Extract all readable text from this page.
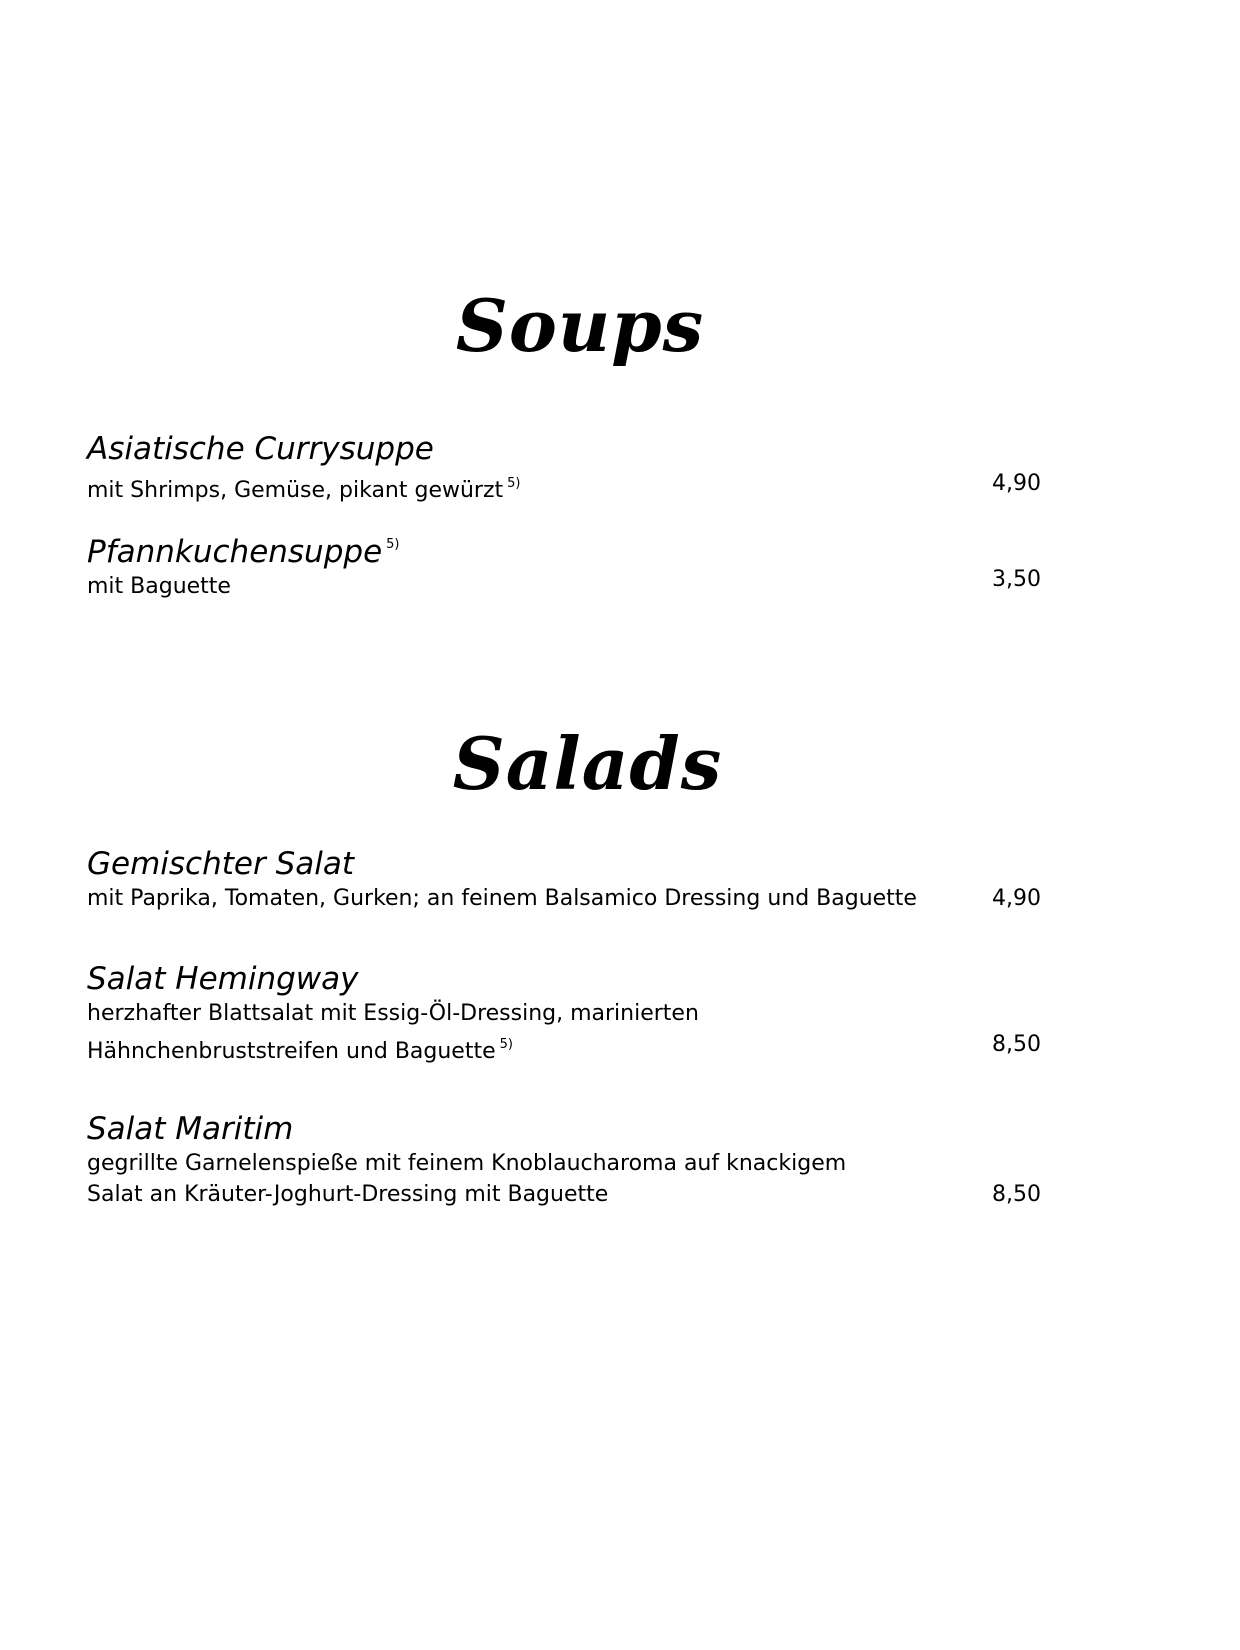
Soups

Asiatische Currysuppe

mit Shrimps, Gemüse, pikant gewürzt $^{5)}$	4,90

Pfannkuchensuppe $^{5)}$

mit Baguette	3,50
Salads

Gemischter Salat

mit Paprika, Tomaten, Gurken; an feinem Balsamico Dressing und Baguette	4,90

Salat Hemingway

herzhafter Blattsalat mit Essig-Öl-Dressing, marinierten

Hähnchenbruststreifen und Baguette $^{5)}$	8,50

Salat Maritim

gegrillte Garnelenspieße mit feinem Knoblaucharoma auf knackigem

Salat an Kräuter-Joghurt-Dressing mit Baguette	8,50
